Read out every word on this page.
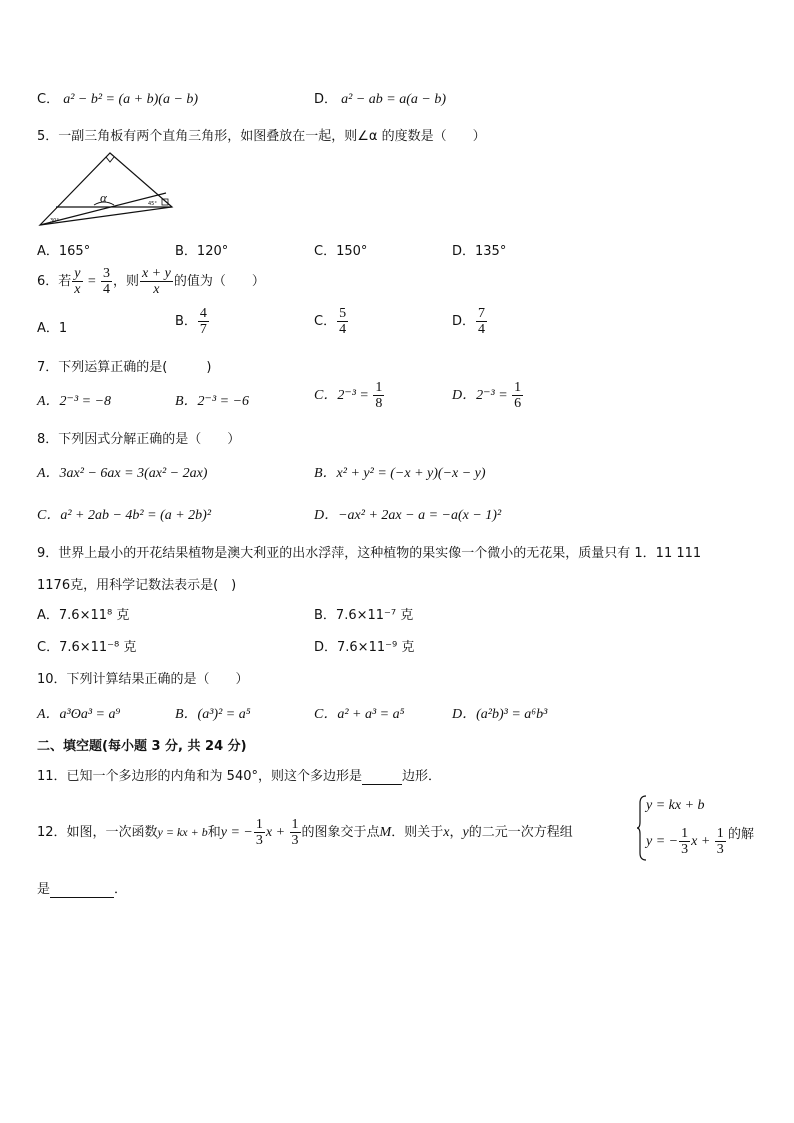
C． a² − b² = (a + b)(a − b)	D． a² − ab = a(a − b)
5．一副三角板有两个直角三角形，如图叠放在一起，则∠α 的度数是（　　）
α
30°
45°
A．165°	B．120°	C．150°	D．135°
6．若 $\frac{y}{x} = \frac{3}{4}$ ，则 $\frac{x + y}{x}$ 的值为（　　）
A．1	B． $\frac{4}{7}$	C． $\frac{5}{4}$	D． $\frac{7}{4}$
7．下列运算正确的是(　　　)
A．2⁻³ = −8	B．2⁻³ = −6	C．$2^{-3} = \frac{1}{8}$	D．$2^{-3} = \frac{1}{6}$
8．下列因式分解正确的是（　　）
A．3ax² − 6ax = 3(ax² − 2ax)	B．x² + y² = (−x + y)(−x − y)
C．a² + 2ab − 4b² = (a + 2b)²	D．−ax² + 2ax − a = −a(x − 1)²
9．世界上最小的开花结果植物是澳大利亚的出水浮萍，这种植物的果实像一个微小的无花果，质量只有 1．11 111
1176克，用科学记数法表示是(　)
A．7.6×11⁸ 克	B．7.6×11⁻⁷ 克
C．7.6×11⁻⁸ 克	D．7.6×11⁻⁹ 克
10．下列计算结果正确的是（　　）
A．a³ʘa³ = a⁹	B．(a³)² = a⁵	C．a² + a³ = a⁵	D．(a²b)³ = a⁶b³
二、填空题(每小题 3 分, 共 24 分)
11．已知一个多边形的内角和为 540°，则这个多边形是	边形．
12．如图，一次函数y = kx + b和y = − $\frac{1}{3}$ $x + \frac{1}{3}$ 的图象交于点M．则关于x，y的二元一次方程组
y = kx + b
y = − $\frac{1}{3}$ $x + \frac{1}{3}$ 的解
是	．
